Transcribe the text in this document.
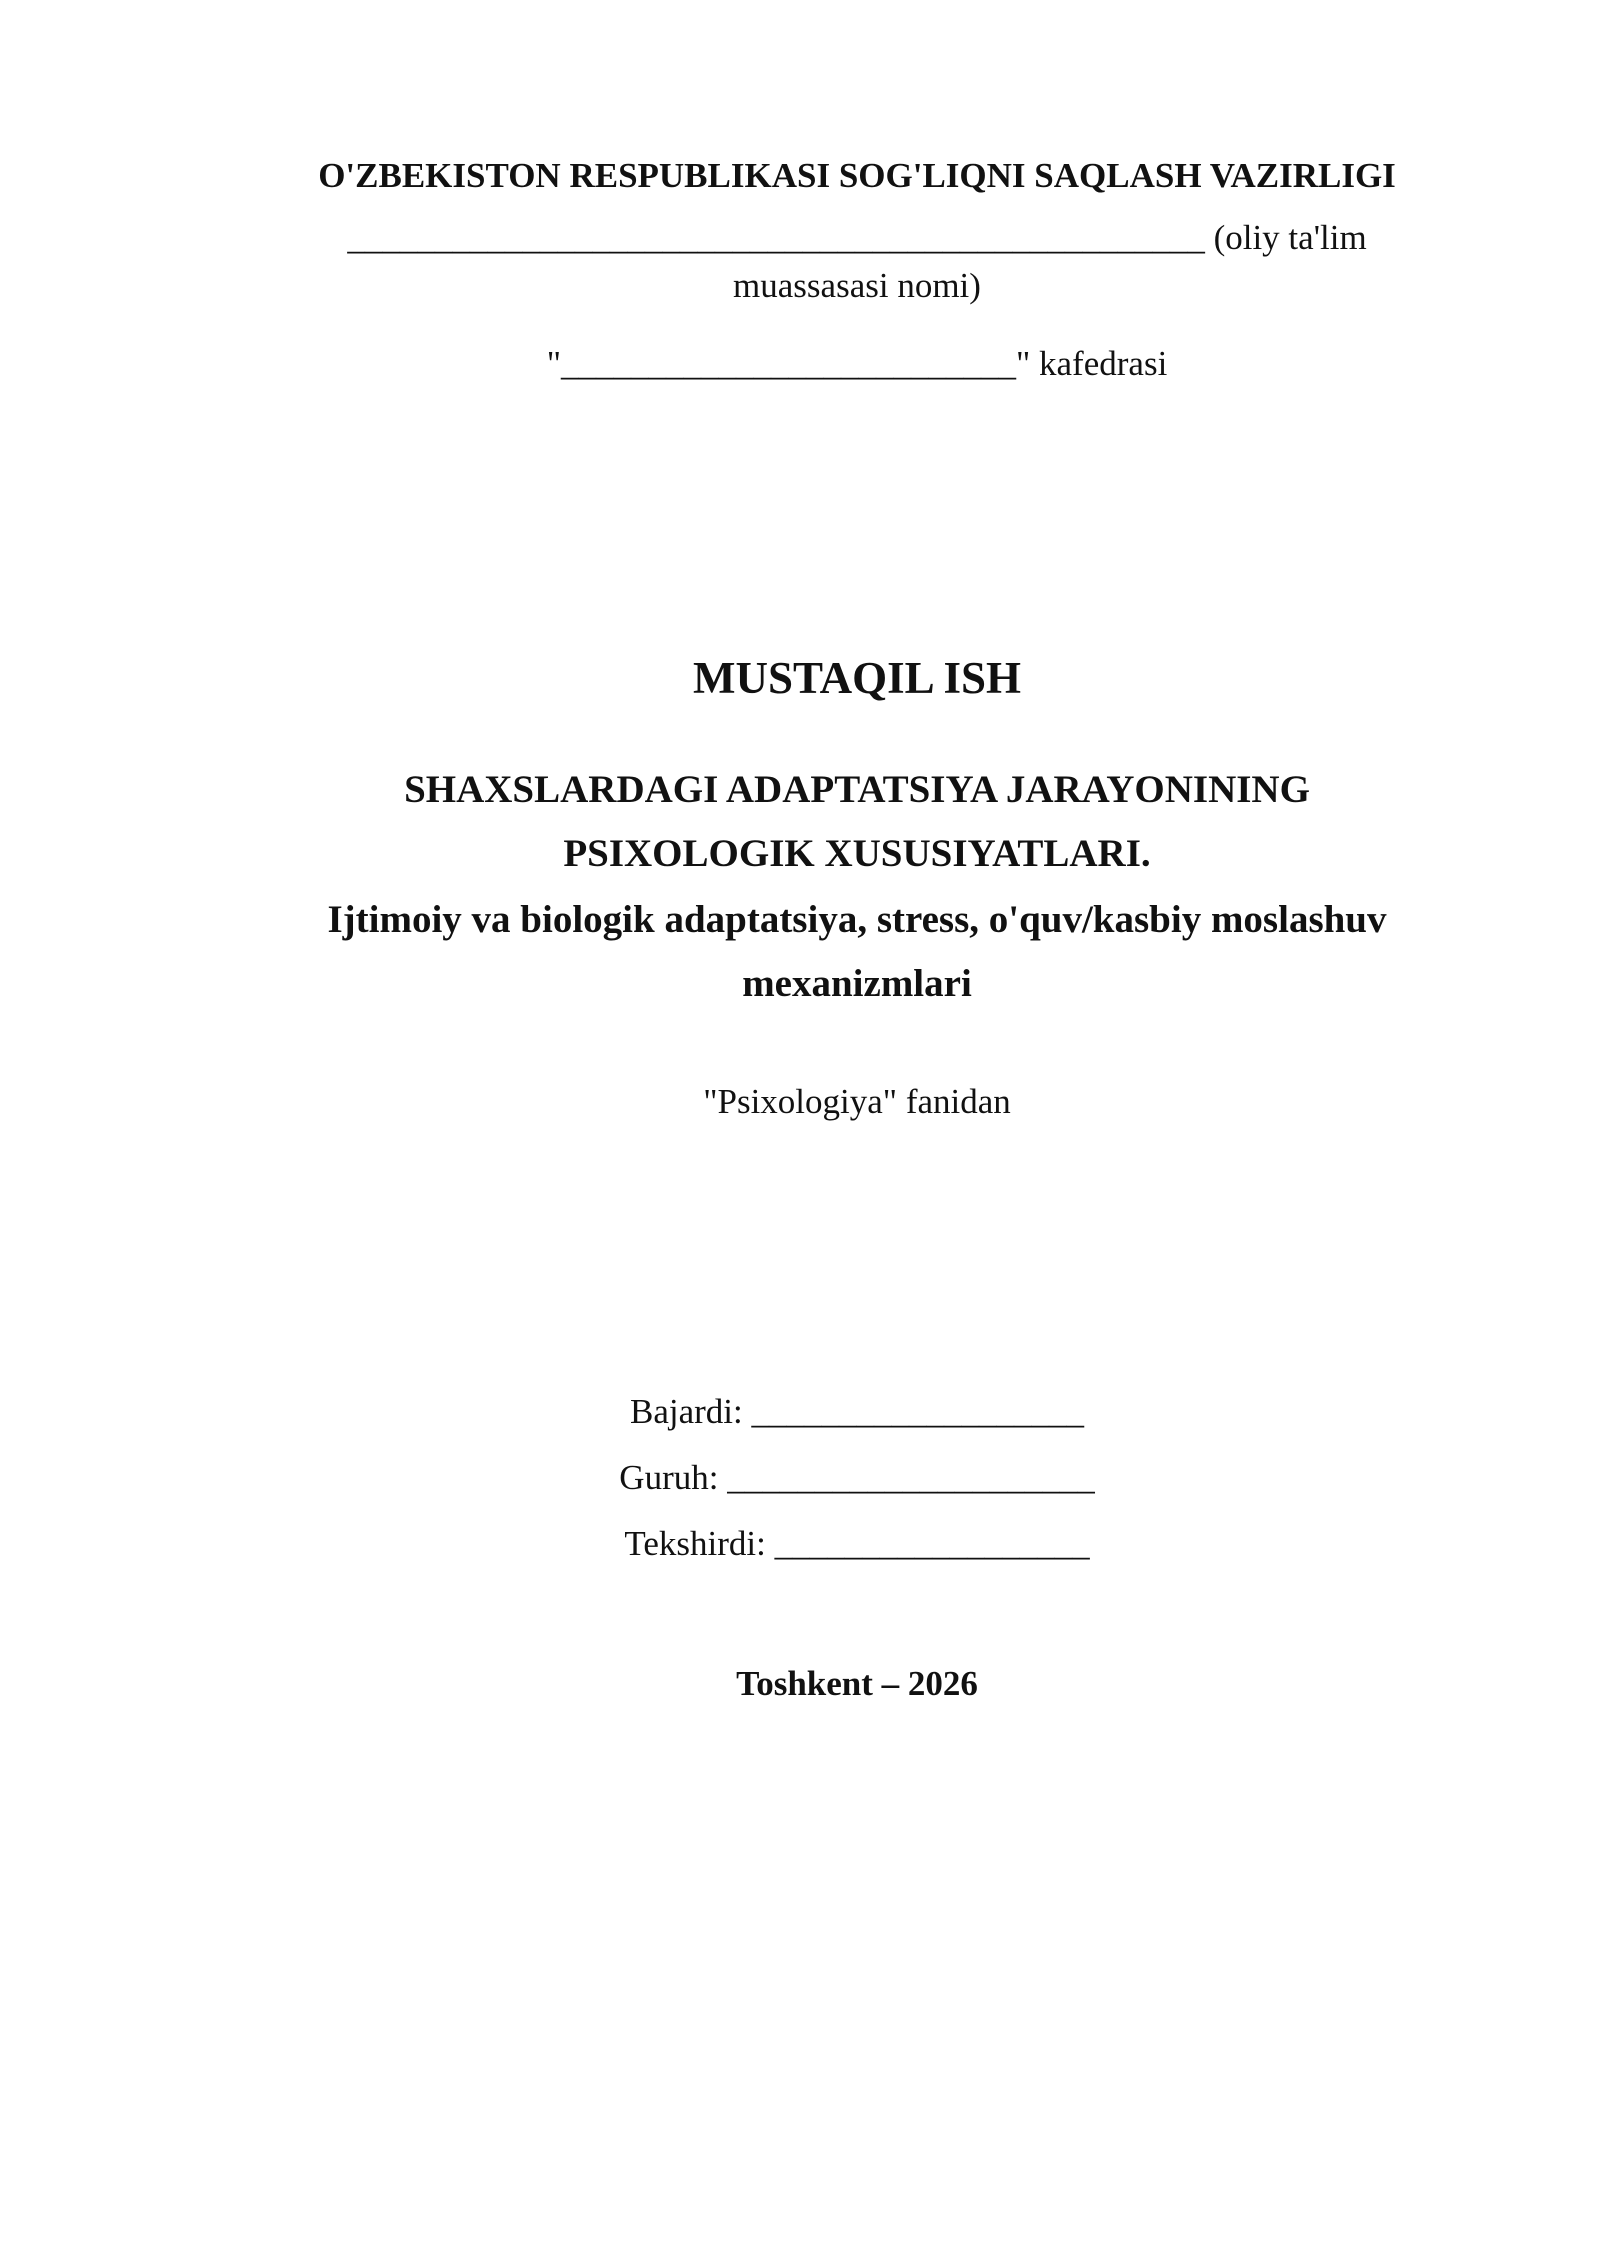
O'ZBEKISTON RESPUBLIKASI SOG'LIQNI SAQLASH VAZIRLIGI
_________________________________________________ (oliy ta'lim
muassasasi nomi)
"__________________________" kafedrasi
MUSTAQIL ISH
SHAXSLARDAGI ADAPTATSIYA JARAYONINING
PSIXOLOGIK XUSUSIYATLARI.
Ijtimoiy va biologik adaptatsiya, stress, o'quv/kasbiy moslashuv
mexanizmlari
"Psixologiya" fanidan
Bajardi: ___________________
Guruh: _____________________
Tekshirdi: __________________
Toshkent – 2026
